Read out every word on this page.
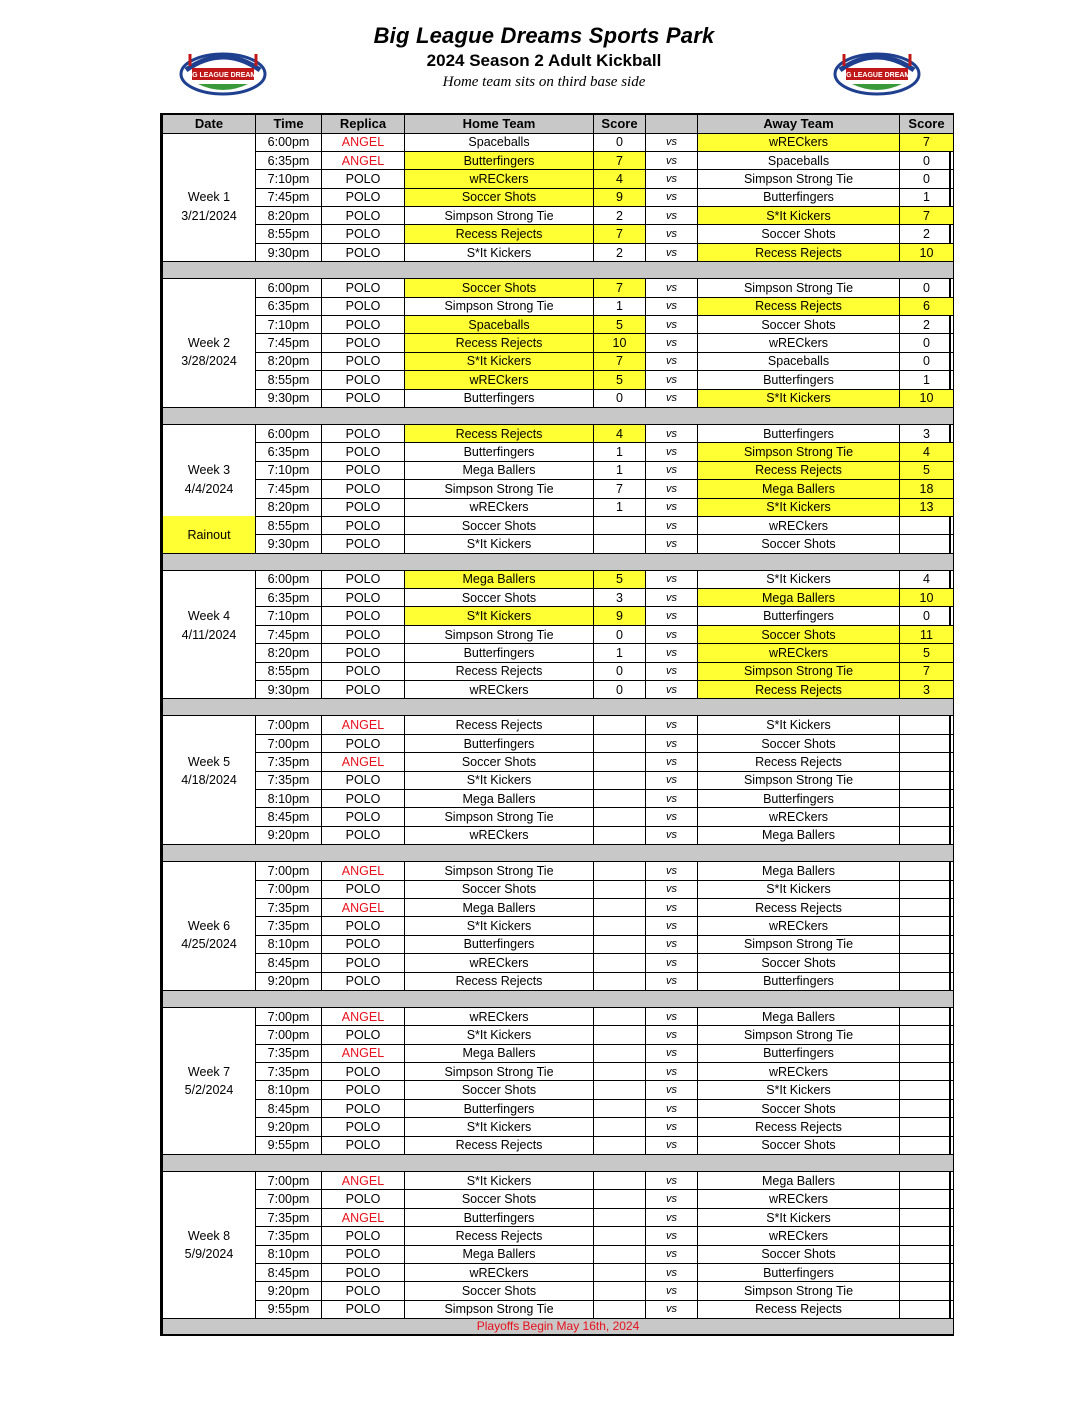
Big League Dreams Sports Park
2024 Season 2 Adult Kickball
Home team sits on third base side
BIG LEAGUE DREAMS	BIG LEAGUE DREAMS
Date	Time	Replica	Home Team	Score		Away Team	Score
	6:00pm	ANGEL	Spaceballs	0	vs	wRECkers	7
	6:35pm	ANGEL	Butterfingers	7	vs	Spaceballs	0
	7:10pm	POLO	wRECkers	4	vs	Simpson Strong Tie	0
Week 1	7:45pm	POLO	Soccer Shots	9	vs	Butterfingers	1
3/21/2024	8:20pm	POLO	Simpson Strong Tie	2	vs	S*It Kickers	7
	8:55pm	POLO	Recess Rejects	7	vs	Soccer Shots	2
	9:30pm	POLO	S*It Kickers	2	vs	Recess Rejects	10

	6:00pm	POLO	Soccer Shots	7	vs	Simpson Strong Tie	0
	6:35pm	POLO	Simpson Strong Tie	1	vs	Recess Rejects	6
	7:10pm	POLO	Spaceballs	5	vs	Soccer Shots	2
Week 2	7:45pm	POLO	Recess Rejects	10	vs	wRECkers	0
3/28/2024	8:20pm	POLO	S*It Kickers	7	vs	Spaceballs	0
	8:55pm	POLO	wRECkers	5	vs	Butterfingers	1
	9:30pm	POLO	Butterfingers	0	vs	S*It Kickers	10

	6:00pm	POLO	Recess Rejects	4	vs	Butterfingers	3
	6:35pm	POLO	Butterfingers	1	vs	Simpson Strong Tie	4
Week 3	7:10pm	POLO	Mega Ballers	1	vs	Recess Rejects	5
4/4/2024	7:45pm	POLO	Simpson Strong Tie	7	vs	Mega Ballers	18
	8:20pm	POLO	wRECkers	1	vs	S*It Kickers	13
Rainout	8:55pm	POLO	Soccer Shots		vs	wRECkers	
	9:30pm	POLO	S*It Kickers		vs	Soccer Shots	

	6:00pm	POLO	Mega Ballers	5	vs	S*It Kickers	4
	6:35pm	POLO	Soccer Shots	3	vs	Mega Ballers	10
Week 4	7:10pm	POLO	S*It Kickers	9	vs	Butterfingers	0
4/11/2024	7:45pm	POLO	Simpson Strong Tie	0	vs	Soccer Shots	11
	8:20pm	POLO	Butterfingers	1	vs	wRECkers	5
	8:55pm	POLO	Recess Rejects	0	vs	Simpson Strong Tie	7
	9:30pm	POLO	wRECkers	0	vs	Recess Rejects	3

	7:00pm	ANGEL	Recess Rejects		vs	S*It Kickers	
	7:00pm	POLO	Butterfingers		vs	Soccer Shots	
Week 5	7:35pm	ANGEL	Soccer Shots		vs	Recess Rejects	
4/18/2024	7:35pm	POLO	S*It Kickers		vs	Simpson Strong Tie	
	8:10pm	POLO	Mega Ballers		vs	Butterfingers	
	8:45pm	POLO	Simpson Strong Tie		vs	wRECkers	
	9:20pm	POLO	wRECkers		vs	Mega Ballers	

	7:00pm	ANGEL	Simpson Strong Tie		vs	Mega Ballers	
	7:00pm	POLO	Soccer Shots		vs	S*It Kickers	
	7:35pm	ANGEL	Mega Ballers		vs	Recess Rejects	
Week 6	7:35pm	POLO	S*It Kickers		vs	wRECkers	
4/25/2024	8:10pm	POLO	Butterfingers		vs	Simpson Strong Tie	
	8:45pm	POLO	wRECkers		vs	Soccer Shots	
	9:20pm	POLO	Recess Rejects		vs	Butterfingers	

	7:00pm	ANGEL	wRECkers		vs	Mega Ballers	
	7:00pm	POLO	S*It Kickers		vs	Simpson Strong Tie	
	7:35pm	ANGEL	Mega Ballers		vs	Butterfingers	
Week 7	7:35pm	POLO	Simpson Strong Tie		vs	wRECkers	
5/2/2024	8:10pm	POLO	Soccer Shots		vs	S*It Kickers	
	8:45pm	POLO	Butterfingers		vs	Soccer Shots	
	9:20pm	POLO	S*It Kickers		vs	Recess Rejects	
	9:55pm	POLO	Recess Rejects		vs	Soccer Shots	

	7:00pm	ANGEL	S*It Kickers		vs	Mega Ballers	
	7:00pm	POLO	Soccer Shots		vs	wRECkers	
	7:35pm	ANGEL	Butterfingers		vs	S*It Kickers	
Week 8	7:35pm	POLO	Recess Rejects		vs	wRECkers	
5/9/2024	8:10pm	POLO	Mega Ballers		vs	Soccer Shots	
	8:45pm	POLO	wRECkers		vs	Butterfingers	
	9:20pm	POLO	Soccer Shots		vs	Simpson Strong Tie	
	9:55pm	POLO	Simpson Strong Tie		vs	Recess Rejects	
Playoffs Begin May 16th, 2024							
